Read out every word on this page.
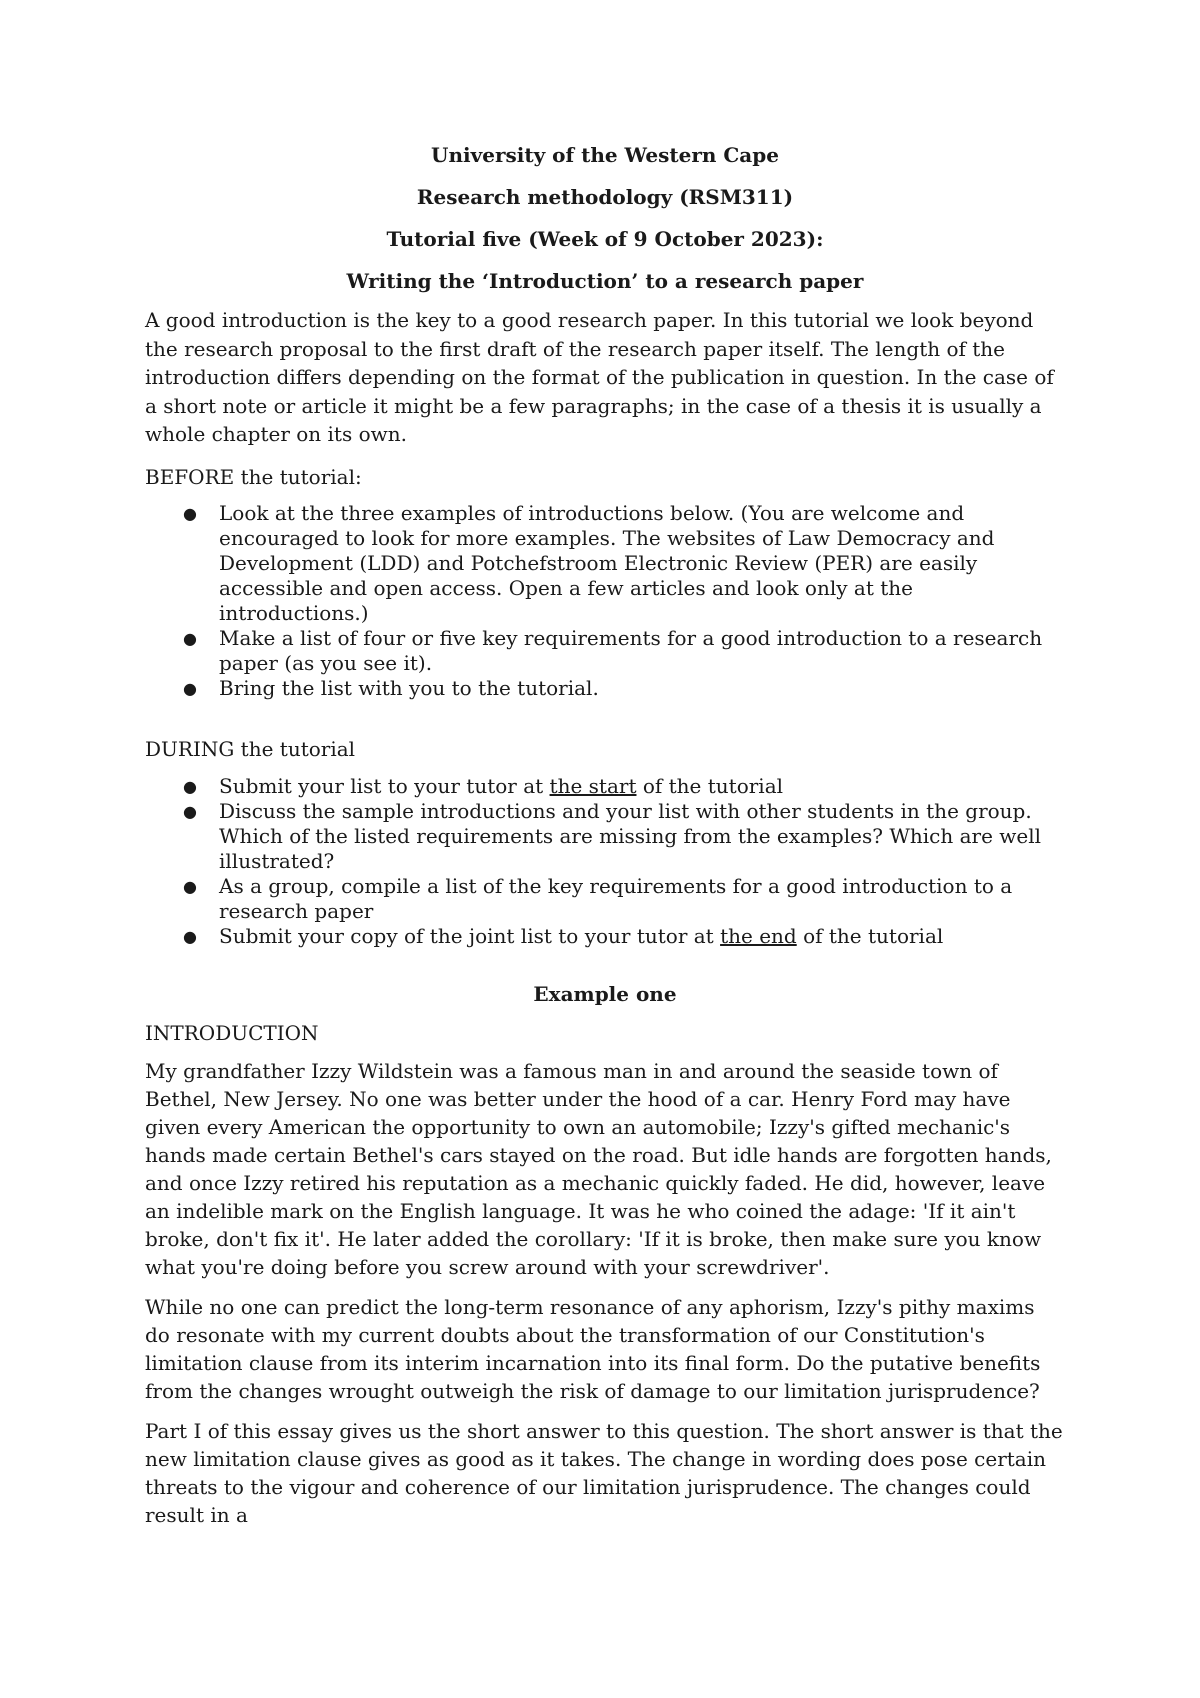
University of the Western Cape
Research methodology (RSM311)
Tutorial five (Week of 9 October 2023):
Writing the ‘Introduction’ to a research paper

A good introduction is the key to a good research paper. In this tutorial we look beyond the research proposal to the first draft of the research paper itself. The length of the introduction differs depending on the format of the publication in question. In the case of a short note or article it might be a few paragraphs; in the case of a thesis it is usually a whole chapter on its own.

BEFORE the tutorial:

● Look at the three examples of introductions below. (You are welcome and encouraged to look for more examples. The websites of Law Democracy and Development (LDD) and Potchefstroom Electronic Review (PER) are easily accessible and open access. Open a few articles and look only at the introductions.)
● Make a list of four or five key requirements for a good introduction to a research paper (as you see it).
● Bring the list with you to the tutorial.

DURING the tutorial

● Submit your list to your tutor at the start of the tutorial
● Discuss the sample introductions and your list with other students in the group. Which of the listed requirements are missing from the examples? Which are well illustrated?
● As a group, compile a list of the key requirements for a good introduction to a research paper
● Submit your copy of the joint list to your tutor at the end of the tutorial
Example one

INTRODUCTION

My grandfather Izzy Wildstein was a famous man in and around the seaside town of Bethel, New Jersey. No one was better under the hood of a car. Henry Ford may have given every American the opportunity to own an automobile; Izzy's gifted mechanic's hands made certain Bethel's cars stayed on the road. But idle hands are forgotten hands, and once Izzy retired his reputation as a mechanic quickly faded. He did, however, leave an indelible mark on the English language. It was he who coined the adage: 'If it ain't broke, don't fix it'. He later added the corollary: 'If it is broke, then make sure you know what you're doing before you screw around with your screwdriver'.

While no one can predict the long-term resonance of any aphorism, Izzy's pithy maxims do resonate with my current doubts about the transformation of our Constitution's limitation clause from its interim incarnation into its final form. Do the putative benefits from the changes wrought outweigh the risk of damage to our limitation jurisprudence?

Part I of this essay gives us the short answer to this question. The short answer is that the new limitation clause gives as good as it takes. The change in wording does pose certain threats to the vigour and coherence of our limitation jurisprudence. The changes could result in a
